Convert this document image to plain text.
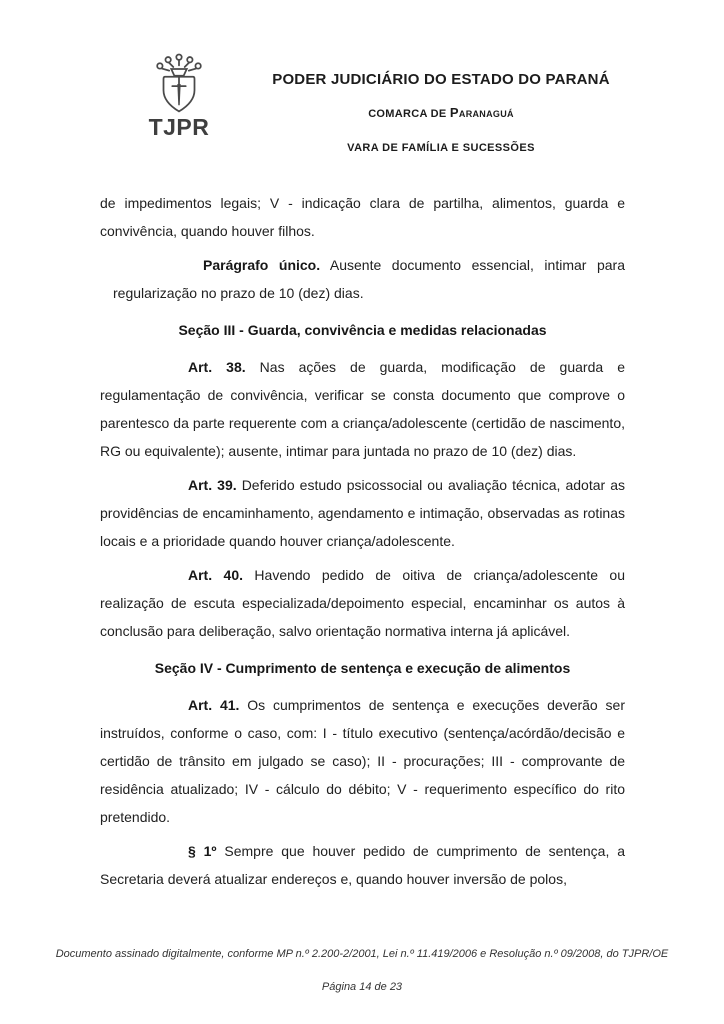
TJPR
PODER JUDICIÁRIO DO ESTADO DO PARANÁ
COMARCA DE Paranaguá
VARA DE FAMÍLIA E SUCESSÕES

de impedimentos legais; V - indicação clara de partilha, alimentos, guarda e convivência, quando houver filhos.

Parágrafo único. Ausente documento essencial, intimar para regularização no prazo de 10 (dez) dias.

Seção III - Guarda, convivência e medidas relacionadas

Art. 38. Nas ações de guarda, modificação de guarda e regulamentação de convivência, verificar se consta documento que comprove o parentesco da parte requerente com a criança/adolescente (certidão de nascimento, RG ou equivalente); ausente, intimar para juntada no prazo de 10 (dez) dias.

Art. 39. Deferido estudo psicossocial ou avaliação técnica, adotar as providências de encaminhamento, agendamento e intimação, observadas as rotinas locais e a prioridade quando houver criança/adolescente.

Art. 40. Havendo pedido de oitiva de criança/adolescente ou realização de escuta especializada/depoimento especial, encaminhar os autos à conclusão para deliberação, salvo orientação normativa interna já aplicável.

Seção IV - Cumprimento de sentença e execução de alimentos

Art. 41. Os cumprimentos de sentença e execuções deverão ser instruídos, conforme o caso, com: I - título executivo (sentença/acórdão/decisão e certidão de trânsito em julgado se caso); II - procurações; III - comprovante de residência atualizado; IV - cálculo do débito; V - requerimento específico do rito pretendido.

§ 1º Sempre que houver pedido de cumprimento de sentença, a Secretaria deverá atualizar endereços e, quando houver inversão de polos,

Documento assinado digitalmente, conforme MP n.º 2.200-2/2001, Lei n.º 11.419/2006 e Resolução n.º 09/2008, do TJPR/OE
Página 14 de 23
